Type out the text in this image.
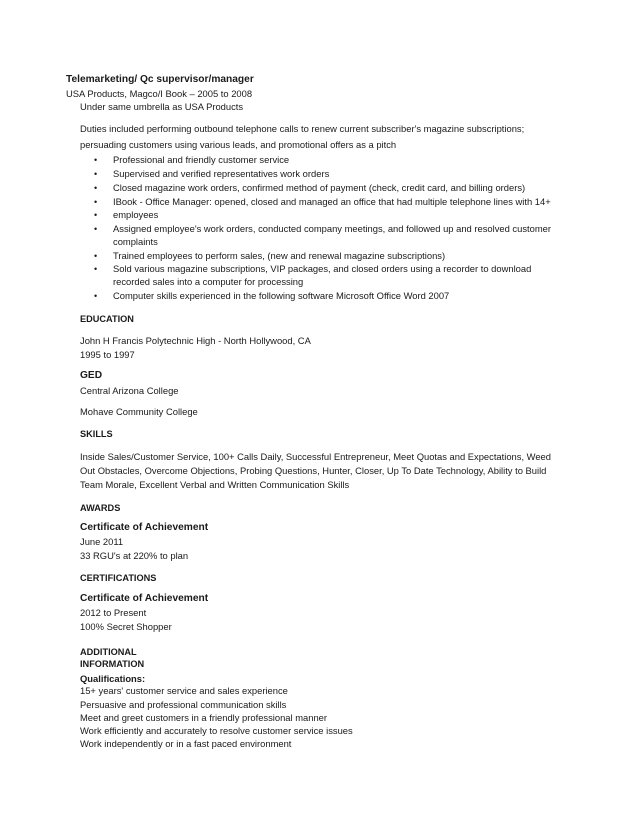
Telemarketing/ Qc supervisor/manager
USA Products, Magco/I Book – 2005 to 2008
Under same umbrella as USA Products
Duties included performing outbound telephone calls to renew current subscriber's magazine subscriptions;
persuading customers using various leads, and promotional offers as a pitch
•	Professional and friendly customer service
•	Supervised and verified representatives work orders
•	Closed magazine work orders, confirmed method of payment (check, credit card, and billing orders)
•	IBook - Office Manager: opened, closed and managed an office that had multiple telephone lines with 14+
•	employees
•	Assigned employee's work orders, conducted company meetings, and followed up and resolved customer
complaints
•	Trained employees to perform sales, (new and renewal magazine subscriptions)
•	Sold various magazine subscriptions, VIP packages, and closed orders using a recorder to download
recorded sales into a computer for processing
•	Computer skills experienced in the following software Microsoft Office Word 2007
EDUCATION
John H Francis Polytechnic High - North Hollywood, CA
1995 to 1997
GED
Central Arizona College
Mohave Community College
SKILLS
Inside Sales/Customer Service, 100+ Calls Daily, Successful Entrepreneur, Meet Quotas and Expectations, Weed
Out Obstacles, Overcome Objections, Probing Questions, Hunter, Closer, Up To Date Technology, Ability to Build
Team Morale, Excellent Verbal and Written Communication Skills
AWARDS
Certificate of Achievement
June 2011
33 RGU's at 220% to plan
CERTIFICATIONS
Certificate of Achievement
2012 to Present
100% Secret Shopper
ADDITIONAL
INFORMATION
Qualifications:
15+ years' customer service and sales experience
Persuasive and professional communication skills
Meet and greet customers in a friendly professional manner
Work efficiently and accurately to resolve customer service issues
Work independently or in a fast paced environment
